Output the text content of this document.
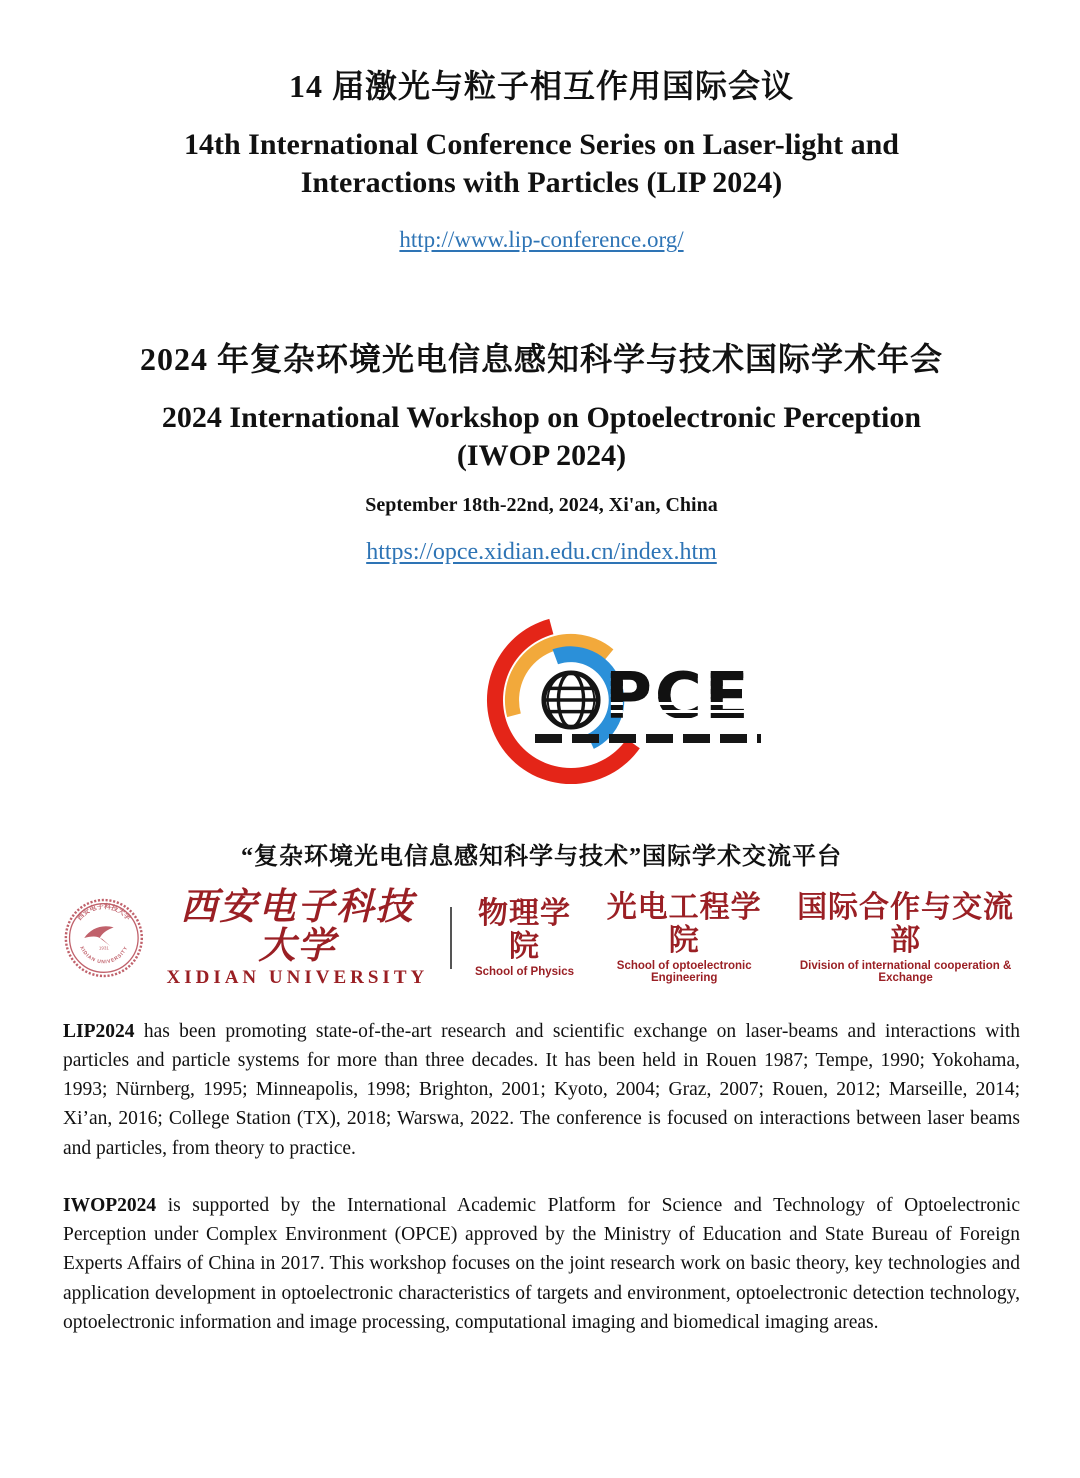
14 届激光与粒子相互作用国际会议
14th International Conference Series on Laser-light and
Interactions with Particles (LIP 2024)
http://www.lip-conference.org/
2024 年复杂环境光电信息感知科学与技术国际学术年会
2024 International Workshop on Optoelectronic Perception
(IWOP 2024)
September 18th-22nd, 2024, Xi'an, China
https://opce.xidian.edu.cn/index.htm
PCE
“复杂环境光电信息感知科学与技术”国际学术交流平台
西安电子科技大学
XIDIAN UNIVERSITY
1931
西安电子科技大学
XIDIAN UNIVERSITY
物理学院
School of Physics
光电工程学院
School of optoelectronic Engineering
国际合作与交流部
Division of international cooperation & Exchange

LIP2024 has been promoting state-of-the-art research and scientific exchange on laser-beams and interactions with particles and particle systems for more than three decades. It has been held in Rouen 1987; Tempe, 1990; Yokohama, 1993; Nürnberg, 1995; Minneapolis, 1998; Brighton, 2001; Kyoto, 2004; Graz, 2007; Rouen, 2012; Marseille, 2014; Xi’an, 2016; College Station (TX), 2018; Warswa, 2022. The conference is focused on interactions between laser beams and particles, from theory to practice.

IWOP2024 is supported by the International Academic Platform for Science and Technology of Optoelectronic Perception under Complex Environment (OPCE) approved by the Ministry of Education and State Bureau of Foreign Experts Affairs of China in 2017. This workshop focuses on the joint research work on basic theory, key technologies and application development in optoelectronic characteristics of targets and environment, optoelectronic detection technology, optoelectronic information and image processing, computational imaging and biomedical imaging areas.
